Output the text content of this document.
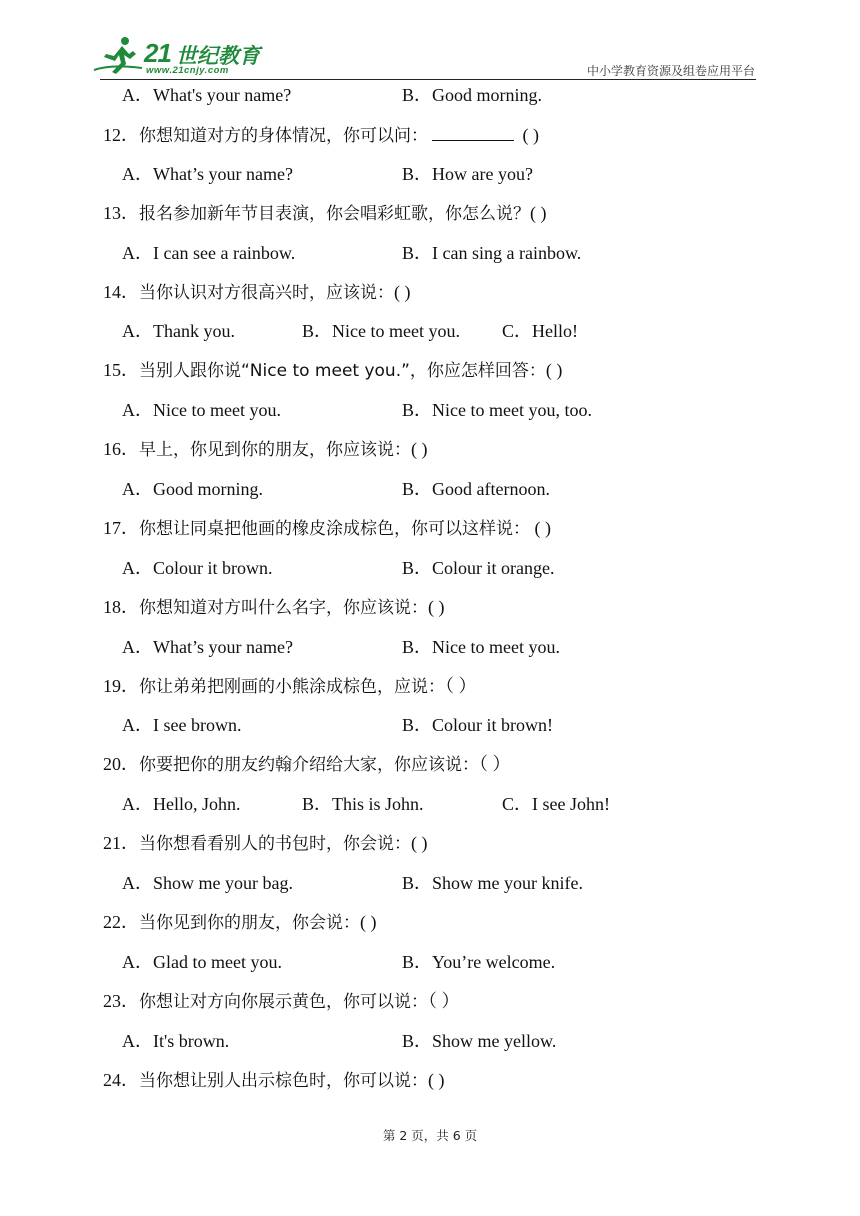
21 世纪教育
www.21cnjy.com	中小学教育资源及组卷应用平台
A．What's your name?	B．Good morning.
12．你想知道对方的身体情况，你可以问：	( )
A．What’s your name?	B．How are you?
13．报名参加新年节目表演，你会唱彩虹歌，你怎么说？( )
A．I can see a rainbow.	B．I can sing a rainbow.
14．当你认识对方很高兴时，应该说：( )
A．Thank you.	B．Nice to meet you. C．Hello!
15．当别人跟你说“Nice to meet you.”，你应怎样回答：( )
A．Nice to meet you.	B．Nice to meet you, too.
16．早上，你见到你的朋友，你应该说：( )
A．Good morning.	B．Good afternoon.
17．你想让同桌把他画的橡皮涂成棕色，你可以这样说： ( )
A．Colour it brown.	B．Colour it orange.
18．你想知道对方叫什么名字，你应该说：( )
A．What’s your name?	B．Nice to meet you.
19．你让弟弟把刚画的小熊涂成棕色，应说：（ ）
A．I see brown.	B．Colour it brown!
20．你要把你的朋友约翰介绍给大家，你应该说：（ ）
A．Hello, John.	B．This is John.	C．I see John!
21．当你想看看别人的书包时，你会说：( )
A．Show me your bag.	B．Show me your knife.
22．当你见到你的朋友，你会说：( )
A．Glad to meet you.	B．You’re welcome.
23．你想让对方向你展示黄色，你可以说：（ ）
A．It's brown.	B．Show me yellow.
24．当你想让别人出示棕色时，你可以说：( )
第 2 页，共 6 页
